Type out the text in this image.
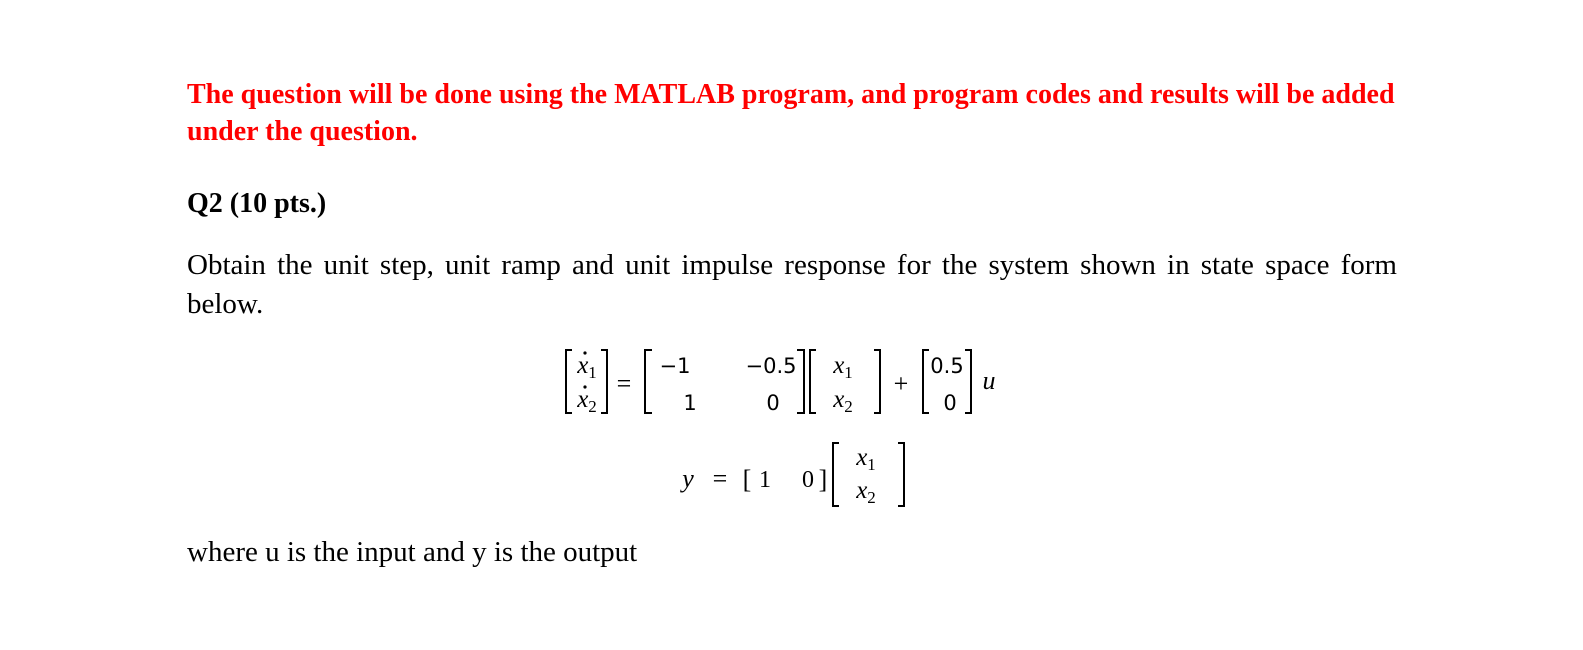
The question will be done using the MATLAB program, and program codes and results will be added under the question.

Q2 (10 pts.)

Obtain the unit step, unit ramp and unit impulse response for the system shown in state space form below.

$x_1$
$x_2$
=
−1	−0.5
1	0
$x_1$
$x_2$
+
0.5
0
u
y = [ 1 0 ]
$x_1$
$x_2$

where u is the input and y is the output
